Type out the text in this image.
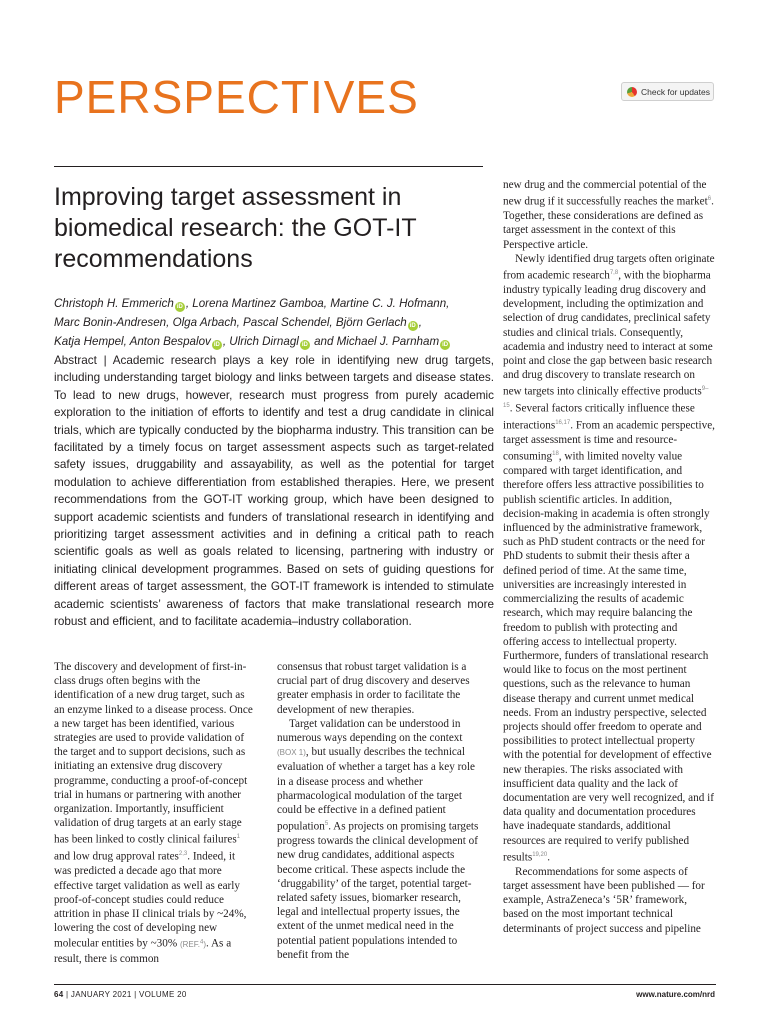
PERSPECTIVES	Check for updates
Improving target assessment in biomedical research: the GOT-IT recommendations
Christoph H. Emmerich iD , Lorena Martinez Gamboa, Martine C. J. Hofmann,
Marc Bonin-Andresen, Olga Arbach, Pascal Schendel, Björn Gerlach iD ,
Katja Hempel, Anton Bespalov iD , Ulrich Dirnagl iD and Michael J. Parnham iD

Abstract | Academic research plays a key role in identifying new drug targets, including understanding target biology and links between targets and disease states. To lead to new drugs, however, research must progress from purely academic exploration to the initiation of efforts to identify and test a drug candidate in clinical trials, which are typically conducted by the biopharma industry. This transition can be facilitated by a timely focus on target assessment aspects such as target-related safety issues, druggability and assayability, as well as the potential for target modulation to achieve differentiation from established therapies. Here, we present recommendations from the GOT-IT working group, which have been designed to support academic scientists and funders of translational research in identifying and prioritizing target assessment activities and in defining a critical path to reach scientific goals as well as goals related to licensing, partnering with industry or initiating clinical development programmes. Based on sets of guiding questions for different areas of target assessment, the GOT-IT framework is intended to stimulate academic scientists’ awareness of factors that make translational research more robust and efficient, and to facilitate academia–industry collaboration.

The discovery and development of first-in-class drugs often begins with the identification of a new drug target, such as an enzyme linked to a disease process. Once a new target has been identified, various strategies are used to provide validation of the target and to support decisions, such as initiating an extensive drug discovery programme, conducting a proof-of-concept trial in humans or partnering with another organization. Importantly, insufficient validation of drug targets at an early stage has been linked to costly clinical failures$^1$ and low drug approval rates$^{2,3}$. Indeed, it was predicted a decade ago that more effective target validation as well as early proof-of-concept studies could reduce attrition in phase II clinical trials by ~24%, lowering the cost of developing new molecular entities by ~30% (REF.$^4$). As a result, there is common

consensus that robust target validation is a crucial part of drug discovery and deserves greater emphasis in order to facilitate the development of new therapies.

Target validation can be understood in numerous ways depending on the context (BOX 1), but usually describes the technical evaluation of whether a target has a key role in a disease process and whether pharmacological modulation of the target could be effective in a defined patient population$^5$. As projects on promising targets progress towards the clinical development of new drug candidates, additional aspects become critical. These aspects include the ‘druggability’ of the target, potential target-related safety issues, biomarker research, legal and intellectual property issues, the extent of the unmet medical need in the potential patient populations intended to benefit from the

new drug and the commercial potential of the new drug if it successfully reaches the market$^6$. Together, these considerations are defined as target assessment in the context of this Perspective article.

Newly identified drug targets often originate from academic research$^{7,8}$, with the biopharma industry typically leading drug discovery and development, including the optimization and selection of drug candidates, preclinical safety studies and clinical trials. Consequently, academia and industry need to interact at some point and close the gap between basic research and drug discovery to translate research on new targets into clinically effective products$^{9-15}$. Several factors critically influence these interactions$^{16,17}$. From an academic perspective, target assessment is time and resource-consuming$^{18}$, with limited novelty value compared with target identification, and therefore offers less attractive possibilities to publish scientific articles. In addition, decision-making in academia is often strongly influenced by the administrative framework, such as PhD student contracts or the need for PhD students to submit their thesis after a defined period of time. At the same time, universities are increasingly interested in commercializing the results of academic research, which may require balancing the freedom to publish with protecting and offering access to intellectual property. Furthermore, funders of translational research would like to focus on the most pertinent questions, such as the relevance to human disease therapy and current unmet medical needs. From an industry perspective, selected projects should offer freedom to operate and possibilities to protect intellectual property with the potential for development of effective new therapies. The risks associated with insufficient data quality and the lack of documentation are very well recognized, and if data quality and documentation procedures have inadequate standards, additional resources are required to verify published results$^{19,20}$.

Recommendations for some aspects of target assessment have been published — for example, AstraZeneca’s ‘5R’ framework, based on the most important technical determinants of project success and pipeline

64 | JANUARY 2021 | VOLUME 20	www.nature.com/nrd
